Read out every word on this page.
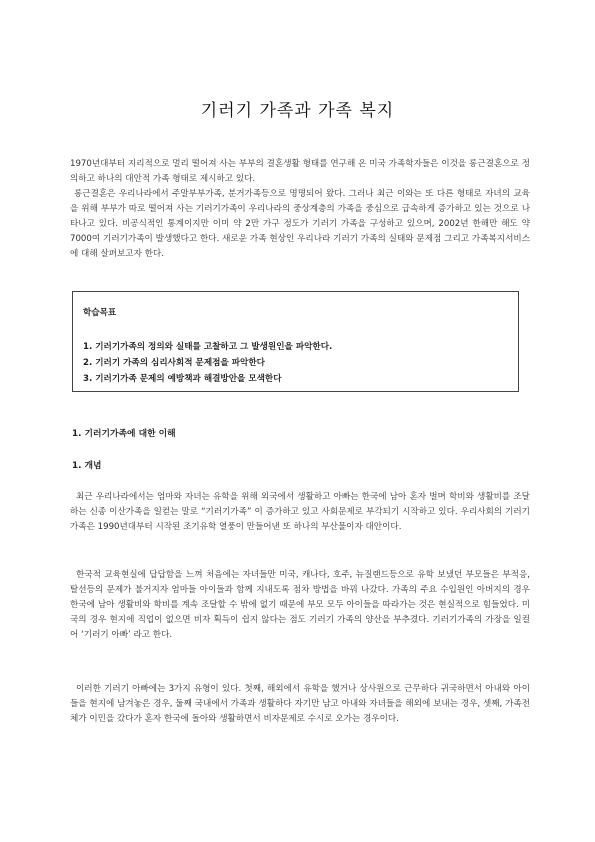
기러기 가족과 가족 복지

1970년대부터 지리적으로 멀리 떨어져 사는 부부의 결혼생활 형태를 연구해 온 미국 가족학자들은 이것을 롱근결혼으로 정의하고 하나의 대안적 가족 형태로 제시하고 있다.

롱근결혼은 우리나라에서 주말부부가족, 분거가족등으로 명명되어 왔다. 그러나 최근 이와는 또 다른 형태로 자녀의 교육을 위해 부부가 따로 떨어져 사는 기러기가족이 우리나라의 중상계층의 가족을 중심으로 급속하게 증가하고 있는 것으로 나타나고 있다. 비공식적인 통계이지만 이미 약 2만 가구 정도가 기러기 가족을 구성하고 있으며, 2002년 한해만 해도 약 7000여 기러기가족이 발생했다고 한다. 새로운 가족 현상인 우리나라 기러기 가족의 실태와 문제점 그리고 가족복지서비스에 대해 살펴보고자 한다.

학습목표
1. 기러기가족의 정의와 실태를 고찰하고 그 발생원인을 파악한다.
2. 기러기 가족의 심리사회적 문제점을 파악한다
3. 기러기가족 문제의 예방책과 해결방안을 모색한다
1. 기러기가족에 대한 이해
1. 개념

최근 우리나라에서는 엄마와 자녀는 유학을 위해 외국에서 생활하고 아빠는 한국에 남아 혼자 벌며 학비와 생활비를 조달하는 신종 이산가족을 일컫는 말로 “기러기가족” 이 증가하고 있고 사회문제로 부각되기 시작하고 있다. 우리사회의 기러기가족은 1990년대부터 시작된 조기유학 열풍이 만들어낸 또 하나의 부산물이자 대안이다.

한국적 교육현실에 답답함을 느껴 처음에는 자녀들만 미국, 캐나다, 호주, 뉴질랜드등으로 유학 보냈던 부모들은 부적응, 탈선등의 문제가 불거지자 엄마들 아이들과 함께 지내도록 점차 방법을 바꿔 나갔다. 가족의 주요 수입원인 아버지의 경우 한국에 남아 생활비와 학비를 계속 조달할 수 밖에 없기 때문에 부모 모두 아이들을 따라가는 것은 현실적으로 힘들었다. 미국의 경우 현지에 직업이 없으면 비자 획득이 쉽지 않다는 점도 기러기 가족의 양산을 부추겼다. 기러기가족의 가장을 일컬어 ‘기러기 아빠’ 라고 한다.

이러한 기러기 아빠에는 3가지 유형이 있다. 첫째, 해외에서 유학을 했거나 상사원으로 근무하다 귀국하면서 아내와 아이들을 현지에 남겨놓은 경우, 둘째 국내에서 가족과 생활하다 자기만 남고 아내와 자녀들을 해외에 보내는 경우, 셋째, 가족전체가 이민을 갔다가 혼자 한국에 돌아와 생활하면서 비자문제로 수시로 오가는 경우이다.
